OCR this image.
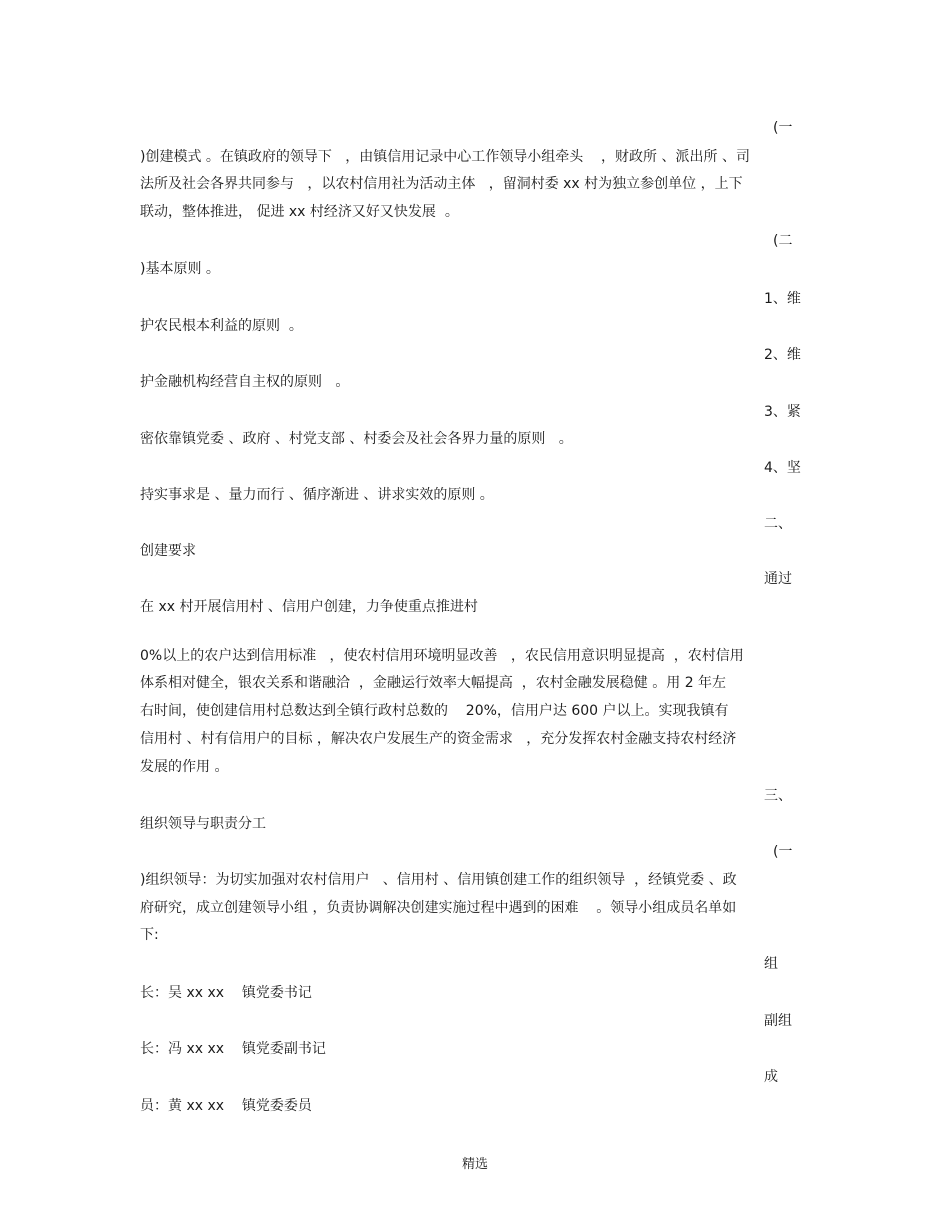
(一
)创建模式 。在镇政府的领导下   ，由镇信用记录中心工作领导小组牵头    ，财政所 、派出所 、司
法所及社会各界共同参与   ，以农村信用社为活动主体   ，留洞村委 xx 村为独立参创单位 ，上下
联动，整体推进， 促进 xx 村经济又好又快发展  。
(二
)基本原则 。
1、维
护农民根本利益的原则  。
2、维
护金融机构经营自主权的原则   。
3、紧
密依靠镇党委 、政府 、村党支部 、村委会及社会各界力量的原则   。
4、坚
持实事求是 、量力而行 、循序渐进 、讲求实效的原则 。
二、
创建要求
通过
在 xx 村开展信用村 、信用户创建，力争使重点推进村
0%以上的农户达到信用标准   ，使农村信用环境明显改善   ，农民信用意识明显提高  ，农村信用
体系相对健全，银农关系和谐融洽  ，金融运行效率大幅提高  ，农村金融发展稳健 。用 2 年左
右时间，使创建信用村总数达到全镇行政村总数的    20%，信用户达 600 户以上。实现我镇有
信用村 、村有信用户的目标 ，解决农户发展生产的资金需求   ，充分发挥农村金融支持农村经济
发展的作用 。
三、
组织领导与职责分工
(一
)组织领导：为切实加强对农村信用户   、信用村 、信用镇创建工作的组织领导  ，经镇党委 、政
府研究，成立创建领导小组 ，负责协调解决创建实施过程中遇到的困难    。领导小组成员名单如
下:
组
长：吴 xx xx    镇党委书记
副组
长：冯 xx xx    镇党委副书记
成
员：黄 xx xx    镇党委委员
精选
